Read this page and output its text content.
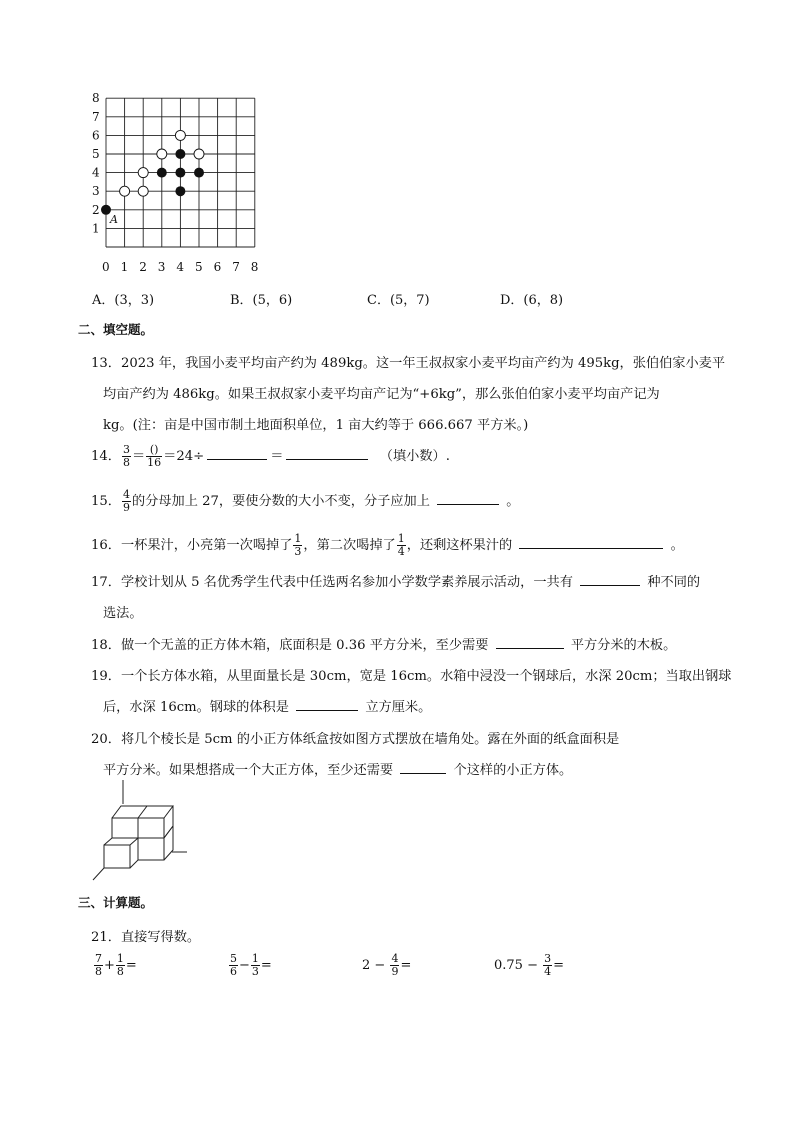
8
7
6
5
4
3
2
1
0 1 2 3 4 5 6 7 8
A
A．(3，3)	B．(5，6)	C．(5，7)	D．(6，8)
二、填空题。
13．2023 年，我国小麦平均亩产约为 489kg。这一年王叔叔家小麦平均亩产约为 495kg，张伯伯家小麦平
均亩产约为 486kg。如果王叔叔家小麦平均亩产记为“+6kg”，那么张伯伯家小麦平均亩产记为
kg。(注：亩是中国市制土地面积单位，1 亩大约等于 666.667 平方米。)
14． $\frac{3}{8} = \frac{()}{16} =24\div$	＝	（填小数）.
15． $\frac{4}{9}$ 的分母加上 27，要使分数的大小不变，分子应加上	。
16．一杯果汁，小亮第一次喝掉了 $\frac{1}{3}$ ，第二次喝掉了 $\frac{1}{4}$ ，还剩这杯果汁的	。
17．学校计划从 5 名优秀学生代表中任选两名参加小学数学素养展示活动，一共有	种不同的
选法。
18．做一个无盖的正方体木箱，底面积是 0.36 平方分米，至少需要	平方分米的木板。
19．一个长方体水箱，从里面量长是 30cm，宽是 16cm。水箱中浸没一个钢球后，水深 20cm；当取出钢球
后，水深 16cm。钢球的体积是	立方厘米。
20．将几个棱长是 5cm 的小正方体纸盒按如图方式摆放在墙角处。露在外面的纸盒面积是
平方分米。如果想搭成一个大正方体，至少还需要	个这样的小正方体。
三、计算题。
21．直接写得数。
$\frac{7}{8} + \frac{1}{8}$ =	$\frac{5}{6} - \frac{1}{3}$ =	$2 - \frac{4}{9}$ =	$0.75 - \frac{3}{4}$ =
